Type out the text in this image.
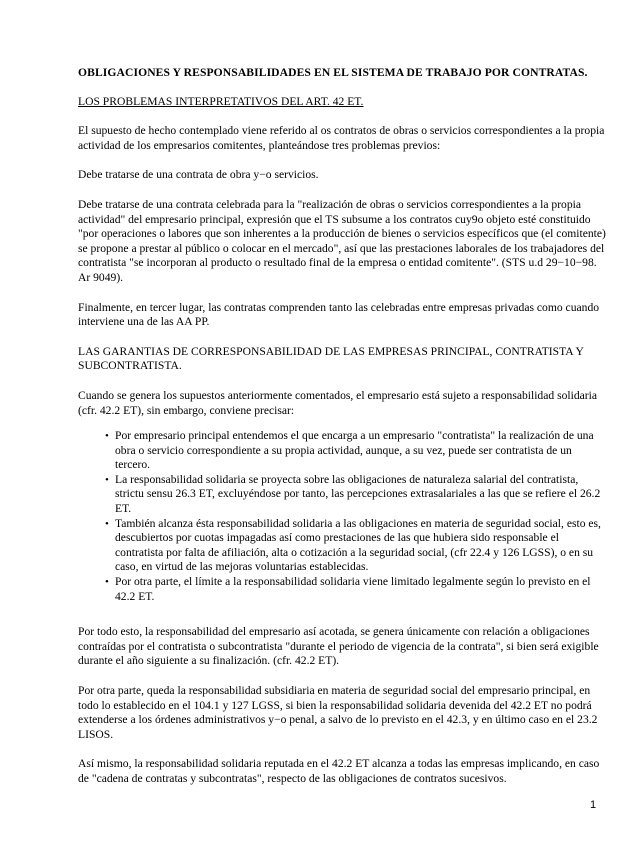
OBLIGACIONES Y RESPONSABILIDADES EN EL SISTEMA DE TRABAJO POR CONTRATAS.
LOS PROBLEMAS INTERPRETATIVOS DEL ART. 42 ET.

El supuesto de hecho contemplado viene referido al os contratos de obras o servicios correspondientes a la propia actividad de los empresarios comitentes, planteándose tres problemas previos:

Debe tratarse de una contrata de obra y−o servicios.

Debe tratarse de una contrata celebrada para la "realización de obras o servicios correspondientes a la propia actividad" del empresario principal, expresión que el TS subsume a los contratos cuy9o objeto esté constituido "por operaciones o labores que son inherentes a la producción de bienes o servicios específicos que (el comitente) se propone a prestar al público o colocar en el mercado", así que las prestaciones laborales de los trabajadores del contratista "se incorporan al producto o resultado final de la empresa o entidad comitente". (STS u.d 29−10−98. Ar 9049).

Finalmente, en tercer lugar, las contratas comprenden tanto las celebradas entre empresas privadas como cuando interviene una de las AA PP.

LAS GARANTIAS DE CORRESPONSABILIDAD DE LAS EMPRESAS PRINCIPAL, CONTRATISTA Y SUBCONTRATISTA.

Cuando se genera los supuestos anteriormente comentados, el empresario está sujeto a responsabilidad solidaria (cfr. 42.2 ET), sin embargo, conviene precisar:

• Por empresario principal entendemos el que encarga a un empresario "contratista" la realización de una obra o servicio correspondiente a su propia actividad, aunque, a su vez, puede ser contratista de un tercero.
• La responsabilidad solidaria se proyecta sobre las obligaciones de naturaleza salarial del contratista, strictu sensu 26.3 ET, excluyéndose por tanto, las percepciones extrasalariales a las que se refiere el 26.2 ET.
• También alcanza ésta responsabilidad solidaria a las obligaciones en materia de seguridad social, esto es, descubiertos por cuotas impagadas así como prestaciones de las que hubiera sido responsable el contratista por falta de afiliación, alta o cotización a la seguridad social, (cfr 22.4 y 126 LGSS), o en su caso, en virtud de las mejoras voluntarias establecidas.
• Por otra parte, el límite a la responsabilidad solidaria viene limitado legalmente según lo previsto en el 42.2 ET.

Por todo esto, la responsabilidad del empresario así acotada, se genera únicamente con relación a obligaciones contraídas por el contratista o subcontratista "durante el periodo de vigencia de la contrata", si bien será exigible durante el año siguiente a su finalización. (cfr. 42.2 ET).

Por otra parte, queda la responsabilidad subsidiaria en materia de seguridad social del empresario principal, en todo lo establecido en el 104.1 y 127 LGSS, si bien la responsabilidad solidaria devenida del 42.2 ET no podrá extenderse a los órdenes administrativos y−o penal, a salvo de lo previsto en el 42.3, y en último caso en el 23.2 LISOS.

Así mismo, la responsabilidad solidaria reputada en el 42.2 ET alcanza a todas las empresas implicando, en caso de "cadena de contratas y subcontratas", respecto de las obligaciones de contratos sucesivos.

1
